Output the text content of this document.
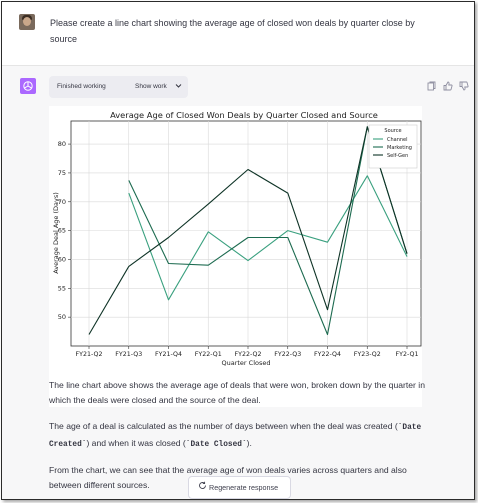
Please create a line chart showing the average age of closed won deals by quarter close by source
Finished working	Show work
Average Age of Closed Won Deals by Quarter Closed and Source
50
55
60
65
70
75
80
FY21-Q2 FY21-Q3 FY21-Q4 FY22-Q1 FY22-Q2 FY22-Q3 FY22-Q4 FY23-Q2 FY2-Q1
Quarter Closed
Average Deal Age (Days)
Source
Channel
Marketing
Self-Gen
The line chart above shows the average age of deals that were won, broken down by the quarter in which the deals were closed and the source of the deal.
The age of a deal is calculated as the number of days between when the deal was created (`Date Created`) and when it was closed (`Date Closed`).
From the chart, we can see that the average age of won deals varies across quarters and also between different sources.	Regenerate response
